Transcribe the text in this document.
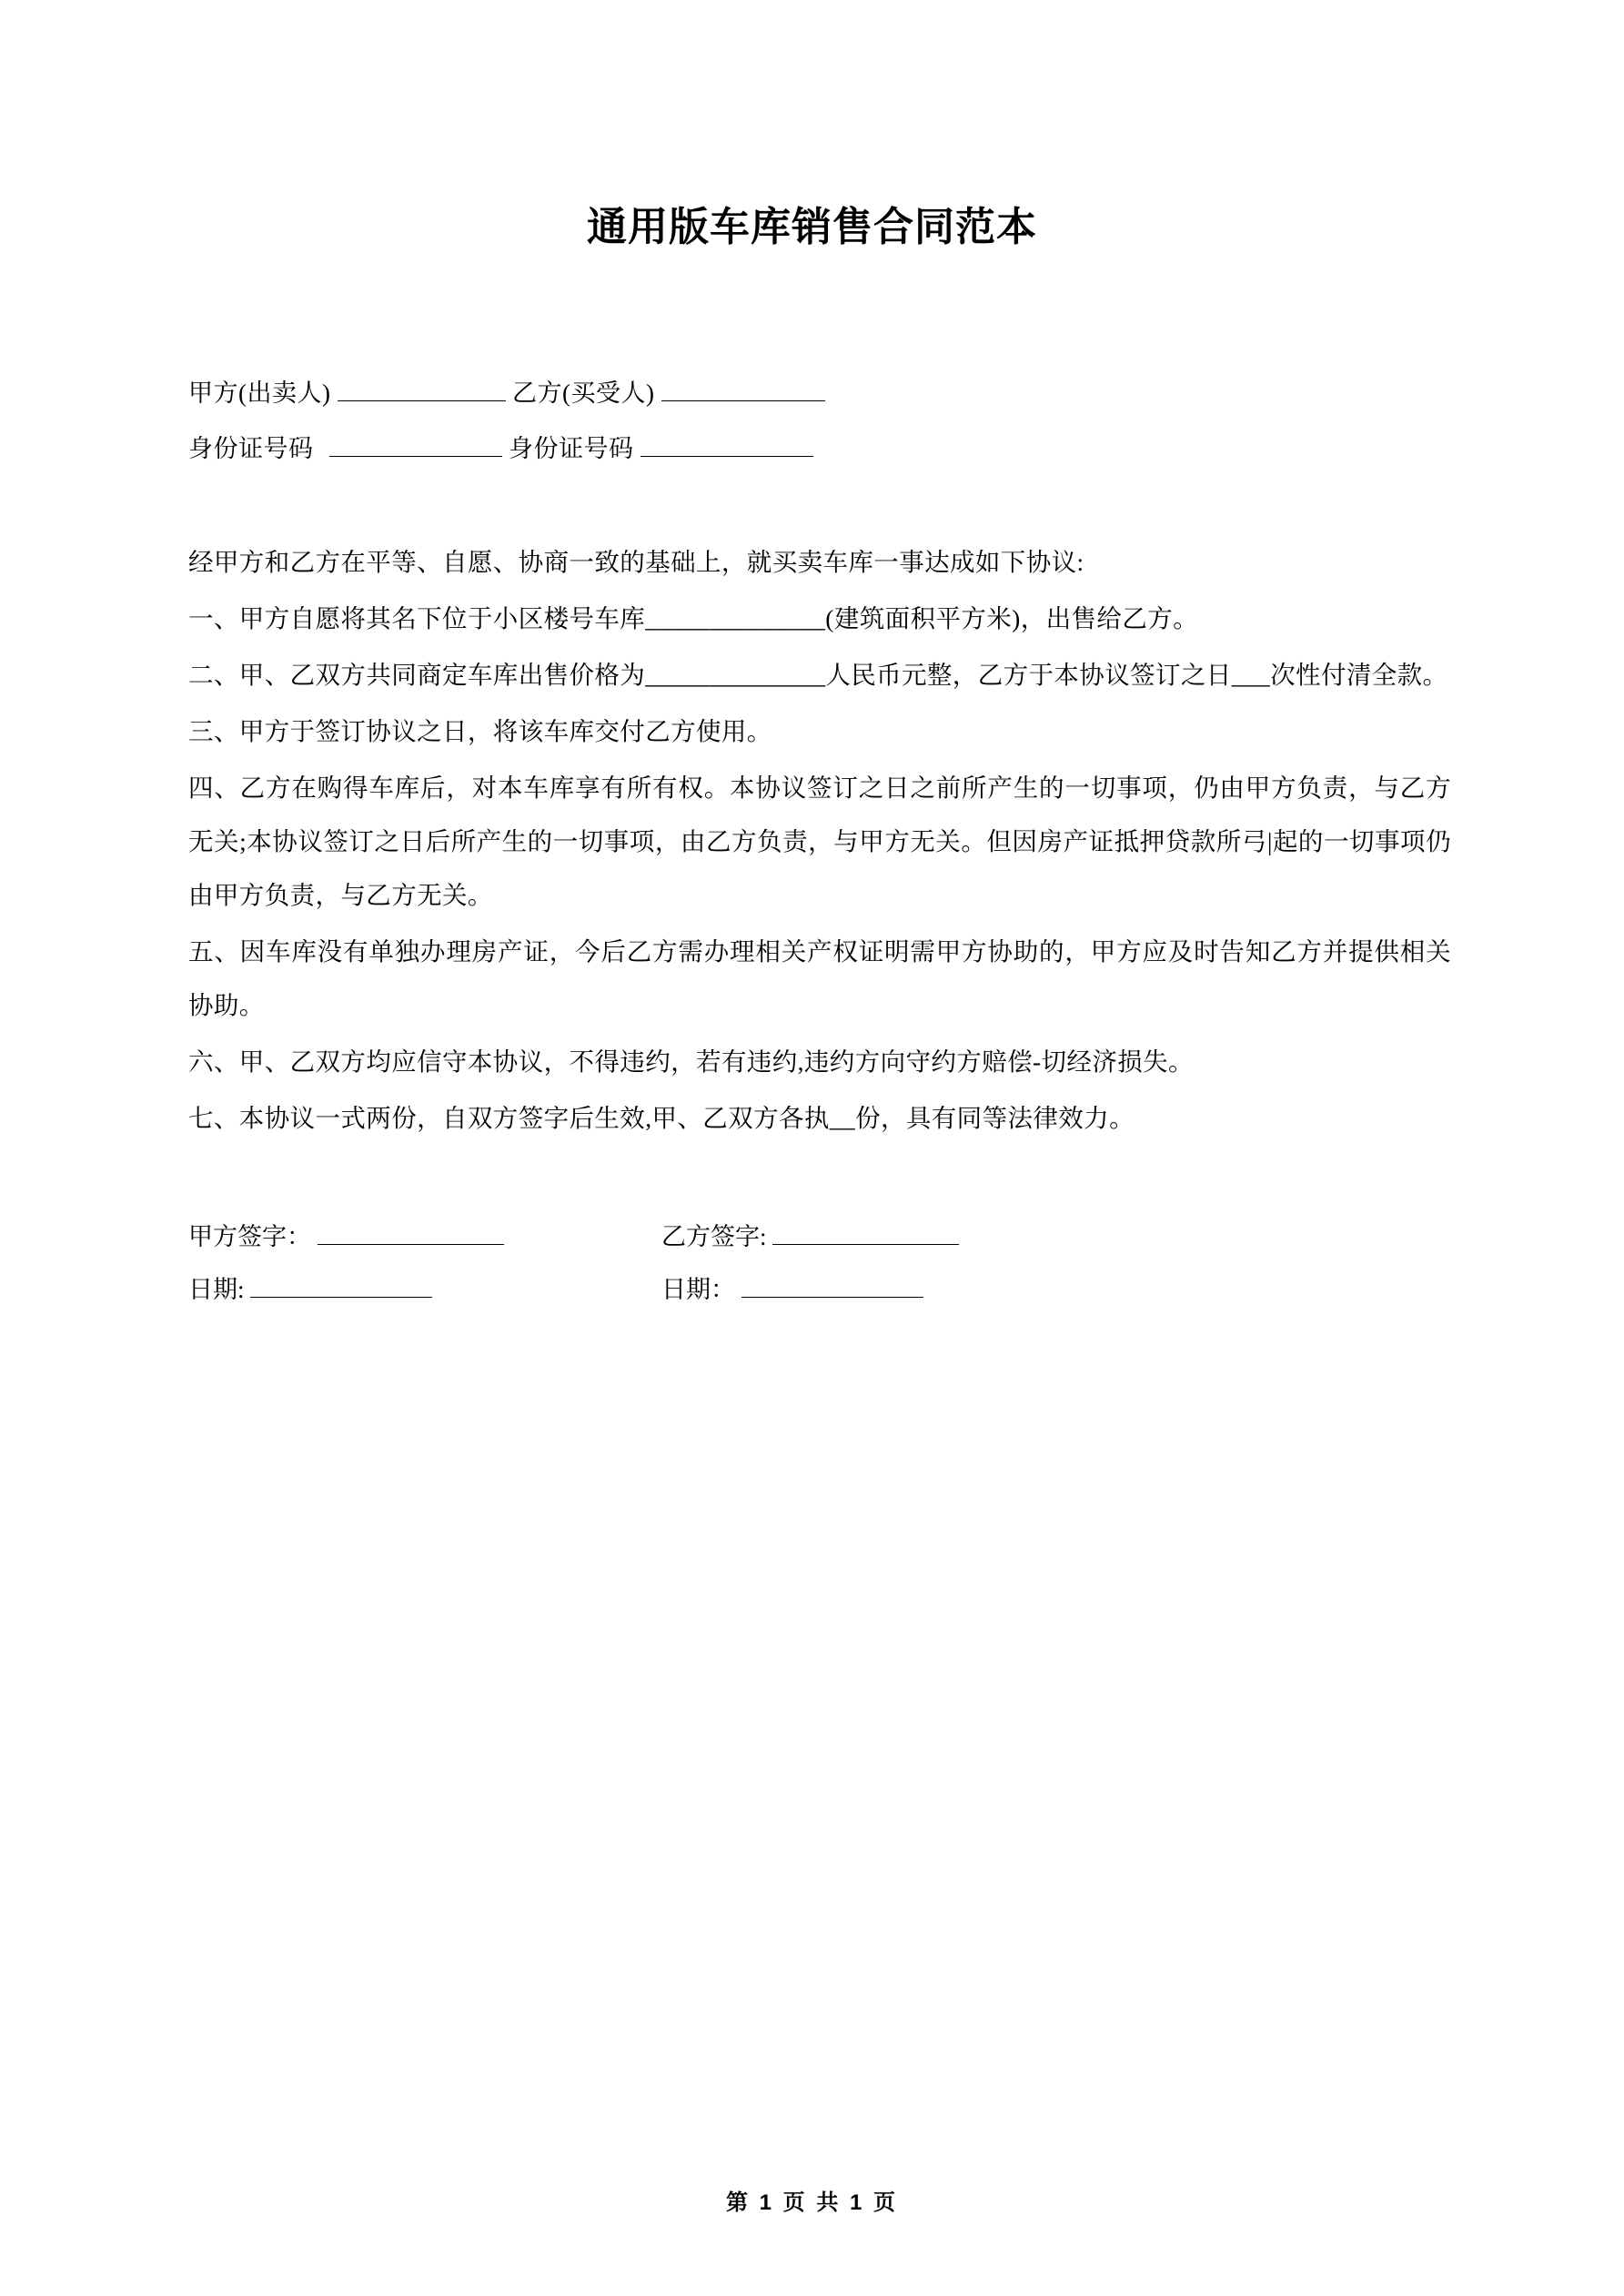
通用版车库销售合同范本
甲方(出卖人)	乙方(买受人)
身份证号码	身份证号码

经甲方和乙方在平等、自愿、协商一致的基础上，就买卖车库一事达成如下协议:

一、甲方自愿将其名下位于小区楼号车库______________(建筑面积平方米)，出售给乙方。

二、甲、乙双方共同商定车库出售价格为______________人民币元整，乙方于本协议签订之日___次性付清全款。

三、甲方于签订协议之日，将该车库交付乙方使用。

四、乙方在购得车库后，对本车库享有所有权。本协议签订之日之前所产生的一切事项，仍由甲方负责，与乙方无关;本协议签订之日后所产生的一切事项，由乙方负责，与甲方无关。但因房产证抵押贷款所弓|起的一切事项仍由甲方负责，与乙方无关。

五、因车库没有单独办理房产证，今后乙方需办理相关产权证明需甲方协助的，甲方应及时告知乙方并提供相关协助。

六、甲、乙双方均应信守本协议，不得违约，若有违约,违约方向守约方赔偿-切经济损失。

七、本协议一式两份，自双方签字后生效,甲、乙双方各执__份，具有同等法律效力。

甲方签字：	乙方签字:
日期:	日期：
第 1 页 共 1 页
